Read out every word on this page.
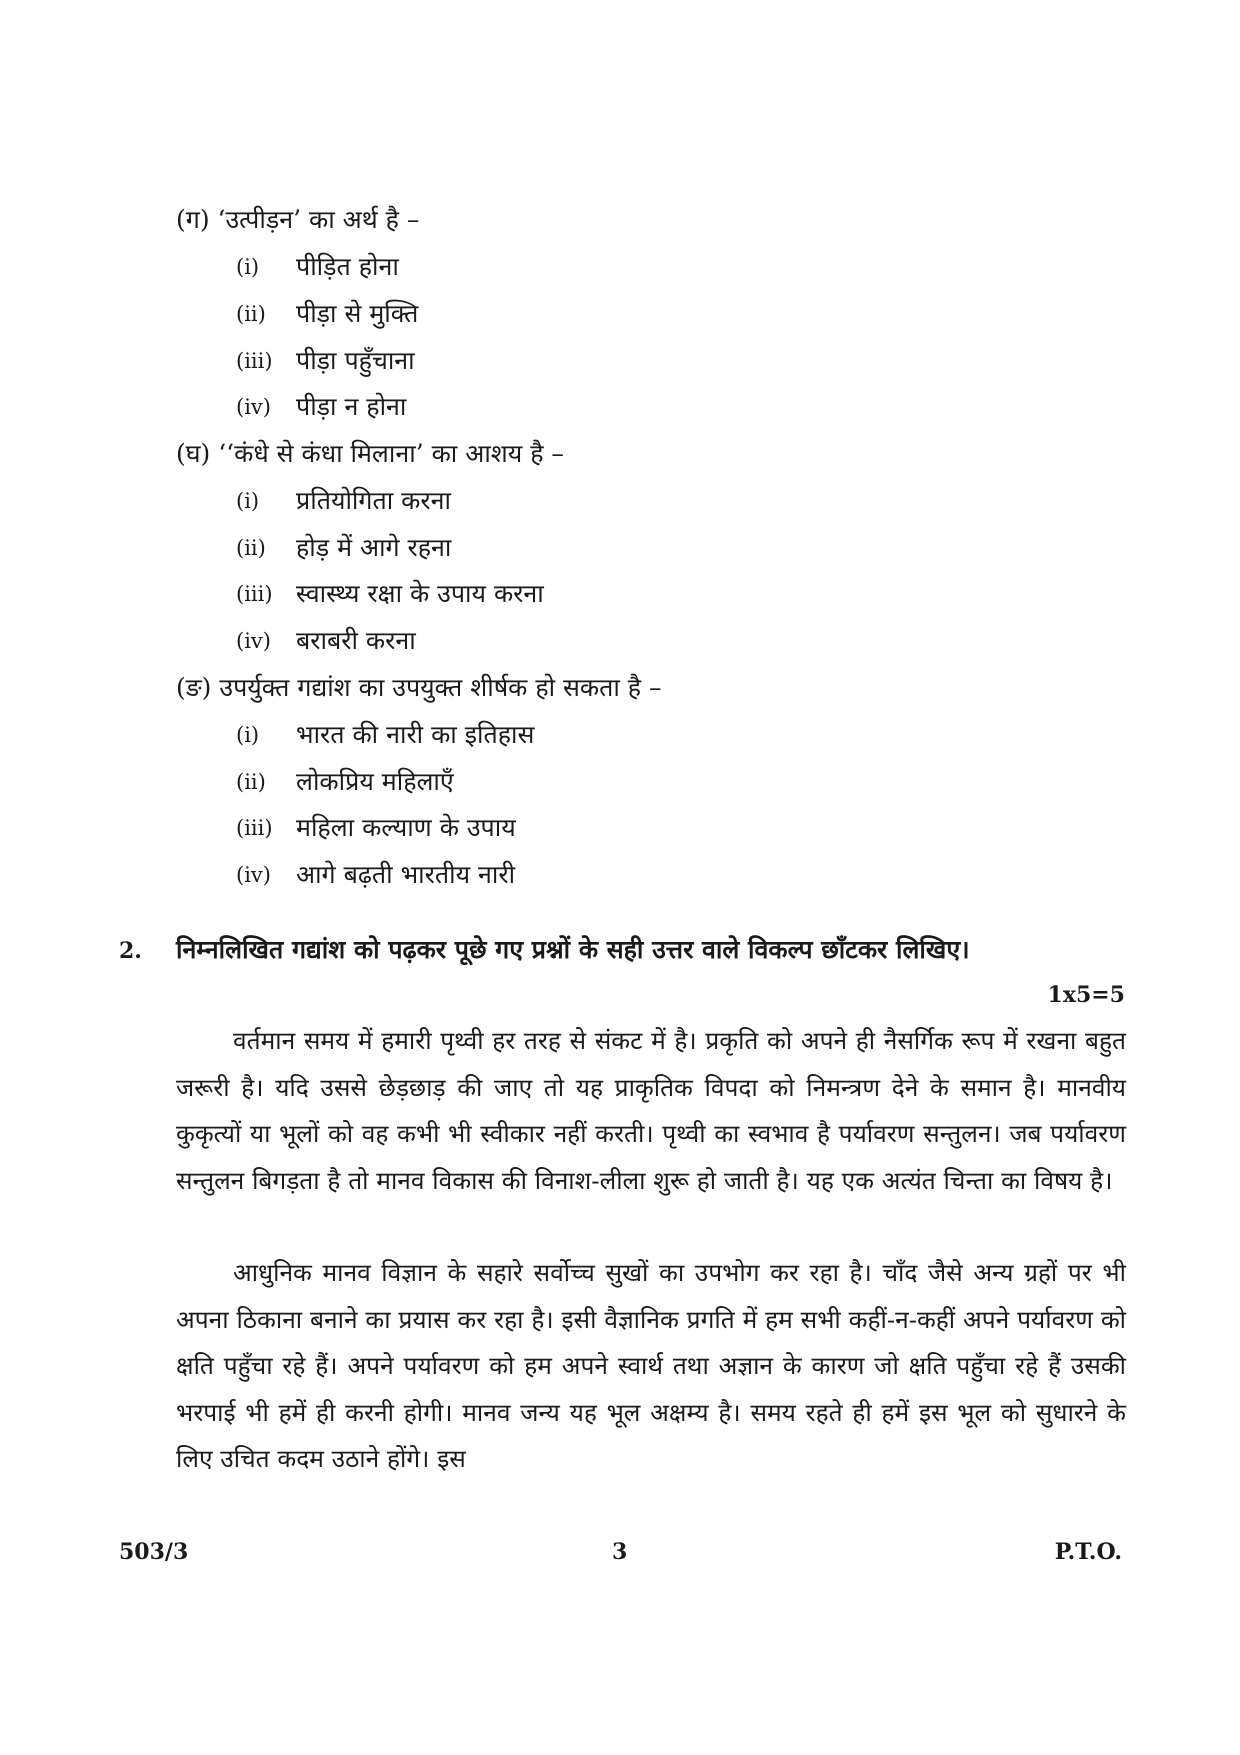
(ग) ‘उत्पीड़न’ का अर्थ है –
(i) पीड़ित होना
(ii) पीड़ा से मुक्ति
(iii) पीड़ा पहुँचाना
(iv) पीड़ा न होना
(घ) ‘‘कंधे से कंधा मिलाना’ का आशय है –
(i) प्रतियोगिता करना
(ii) होड़ में आगे रहना
(iii) स्वास्थ्य रक्षा के उपाय करना
(iv) बराबरी करना
(ङ) उपर्युक्त गद्यांश का उपयुक्त शीर्षक हो सकता है –
(i) भारत की नारी का इतिहास
(ii) लोकप्रिय महिलाएँ
(iii) महिला कल्याण के उपाय
(iv) आगे बढ़ती भारतीय नारी
2. निम्नलिखित गद्यांश को पढ़कर पूछे गए प्रश्नों के सही उत्तर वाले विकल्प छाँटकर लिखिए।
1x5=5

वर्तमान समय में हमारी पृथ्वी हर तरह से संकट में है। प्रकृति को अपने ही नैसर्गिक रूप में रखना बहुत जरूरी है। यदि उससे छेड़छाड़ की जाए तो यह प्राकृतिक विपदा को निमन्त्रण देने के समान है। मानवीय कुकृत्यों या भूलों को वह कभी भी स्वीकार नहीं करती। पृथ्वी का स्वभाव है पर्यावरण सन्तुलन। जब पर्यावरण सन्तुलन बिगड़ता है तो मानव विकास की विनाश-लीला शुरू हो जाती है। यह एक अत्यंत चिन्ता का विषय है।

आधुनिक मानव विज्ञान के सहारे सर्वोच्च सुखों का उपभोग कर रहा है। चाँद जैसे अन्य ग्रहों पर भी अपना ठिकाना बनाने का प्रयास कर रहा है। इसी वैज्ञानिक प्रगति में हम सभी कहीं-न-कहीं अपने पर्यावरण को क्षति पहुँचा रहे हैं। अपने पर्यावरण को हम अपने स्वार्थ तथा अज्ञान के कारण जो क्षति पहुँचा रहे हैं उसकी भरपाई भी हमें ही करनी होगी। मानव जन्य यह भूल अक्षम्य है। समय रहते ही हमें इस भूल को सुधारने के लिए उचित कदम उठाने होंगे। इस

503/3	3	P.T.O.
